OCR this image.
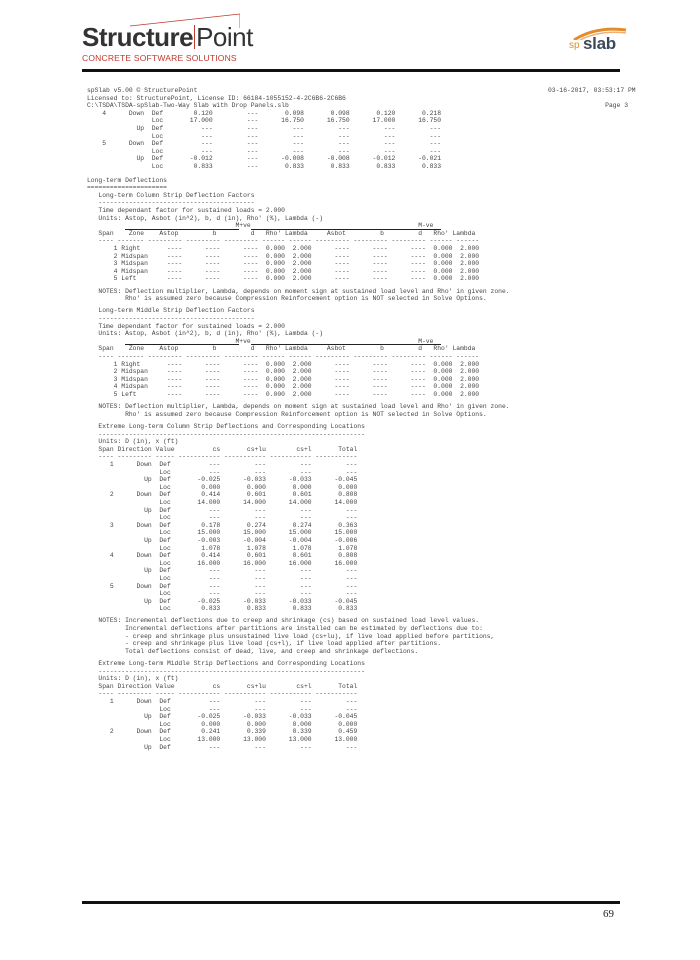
Structure Point
CONCRETE SOFTWARE SOLUTIONS
sp slab
spSlab v5.00 © StructurePoint	03-16-2017, 03:53:17 PM
Licensed to: StructurePoint, License ID: 66184-1055152-4-2C6B6-2C6B6
C:\TSDA\TSDA-spSlab-Two-Way Slab with Drop Panels.slb	Page 3
4      Down  Def        0.120         ---       0.098       0.098       0.120       0.218
Loc       17.000         ---      16.750      16.750      17.000      16.750
Up  Def          ---         ---         ---         ---         ---         ---
Loc          ---         ---         ---         ---         ---         ---
5      Down  Def          ---         ---         ---         ---         ---         ---
Loc          ---         ---         ---         ---         ---         ---
Up  Def       -0.012         ---      -0.008      -0.008      -0.012      -0.021
Loc        0.833         ---       0.833       0.833       0.833       0.833
Long-term Deflections
=====================
Long-term Column Strip Deflection Factors
-----------------------------------------
Time dependant factor for sustained loads = 2.000
Units: Astop, Asbot (in^2), b, d (in), Rho' (%), Lambda (-)
M+ve                                            M-ve
Span    Zone    Astop         b         d   Rho' Lambda     Asbot         b         d   Rho' Lambda
---- ------- --------- --------- --------- ------ ------ --------- --------- --------- ------ ------
1 Right       ----      ----      ----  0.000  2.000      ----      ----      ----  0.000  2.000
2 Midspan     ----      ----      ----  0.000  2.000      ----      ----      ----  0.000  2.000
3 Midspan     ----      ----      ----  0.000  2.000      ----      ----      ----  0.000  2.000
4 Midspan     ----      ----      ----  0.000  2.000      ----      ----      ----  0.000  2.000
5 Left        ----      ----      ----  0.000  2.000      ----      ----      ----  0.000  2.000
NOTES: Deflection multiplier, Lambda, depends on moment sign at sustained load level and Rho' in given zone.
Rho' is assumed zero because Compression Reinforcement option is NOT selected in Solve Options.
Long-term Middle Strip Deflection Factors
-----------------------------------------
Time dependant factor for sustained loads = 2.000
Units: Astop, Asbot (in^2), b, d (in), Rho' (%), Lambda (-)
M+ve                                            M-ve
Span    Zone    Astop         b         d   Rho' Lambda     Asbot         b         d   Rho' Lambda
---- ------- --------- --------- --------- ------ ------ --------- --------- --------- ------ ------
1 Right       ----      ----      ----  0.000  2.000      ----      ----      ----  0.000  2.000
2 Midspan     ----      ----      ----  0.000  2.000      ----      ----      ----  0.000  2.000
3 Midspan     ----      ----      ----  0.000  2.000      ----      ----      ----  0.000  2.000
4 Midspan     ----      ----      ----  0.000  2.000      ----      ----      ----  0.000  2.000
5 Left        ----      ----      ----  0.000  2.000      ----      ----      ----  0.000  2.000
NOTES: Deflection multiplier, Lambda, depends on moment sign at sustained load level and Rho' in given zone.
Rho' is assumed zero because Compression Reinforcement option is NOT selected in Solve Options.
Extreme Long-term Column Strip Deflections and Corresponding Locations
----------------------------------------------------------------------
Units: D (in), x (ft)
Span Direction Value          cs       cs+lu        cs+l       Total
---- --------- ----- ----------- ----------- ----------- -----------
1      Down  Def          ---         ---         ---         ---
Loc          ---         ---         ---         ---
Up  Def       -0.025      -0.033      -0.033      -0.045
Loc        0.000       0.000       0.000       0.000
2      Down  Def        0.414       0.601       0.601       0.808
Loc       14.000      14.000      14.000      14.000
Up  Def          ---         ---         ---         ---
Loc          ---         ---         ---         ---
3      Down  Def        0.178       0.274       0.274       0.363
Loc       15.000      15.000      15.000      15.000
Up  Def       -0.003      -0.004      -0.004      -0.006
Loc        1.078       1.078       1.078       1.078
4      Down  Def        0.414       0.601       0.601       0.808
Loc       16.000      16.000      16.000      16.000
Up  Def          ---         ---         ---         ---
Loc          ---         ---         ---         ---
5      Down  Def          ---         ---         ---         ---
Loc          ---         ---         ---         ---
Up  Def       -0.025      -0.033      -0.033      -0.045
Loc        0.833       0.833       0.833       0.833
NOTES: Incremental deflections due to creep and shrinkage (cs) based on sustained load level values.
Incremental deflections after partitions are installed can be estimated by deflections due to:
- creep and shrinkage plus unsustained live load (cs+lu), if live load applied before partitions,
- creep and shrinkage plus live load (cs+l), if live load applied after partitions.
Total deflections consist of dead, live, and creep and shrinkage deflections.
Extreme Long-term Middle Strip Deflections and Corresponding Locations
----------------------------------------------------------------------
Units: D (in), x (ft)
Span Direction Value          cs       cs+lu        cs+l       Total
---- --------- ----- ----------- ----------- ----------- -----------
1      Down  Def          ---         ---         ---         ---
Loc          ---         ---         ---         ---
Up  Def       -0.025      -0.033      -0.033      -0.045
Loc        0.000       0.000       0.000       0.000
2      Down  Def        0.241       0.339       0.339       0.459
Loc       13.000      13.000      13.000      13.000
Up  Def          ---         ---         ---         ---
69
